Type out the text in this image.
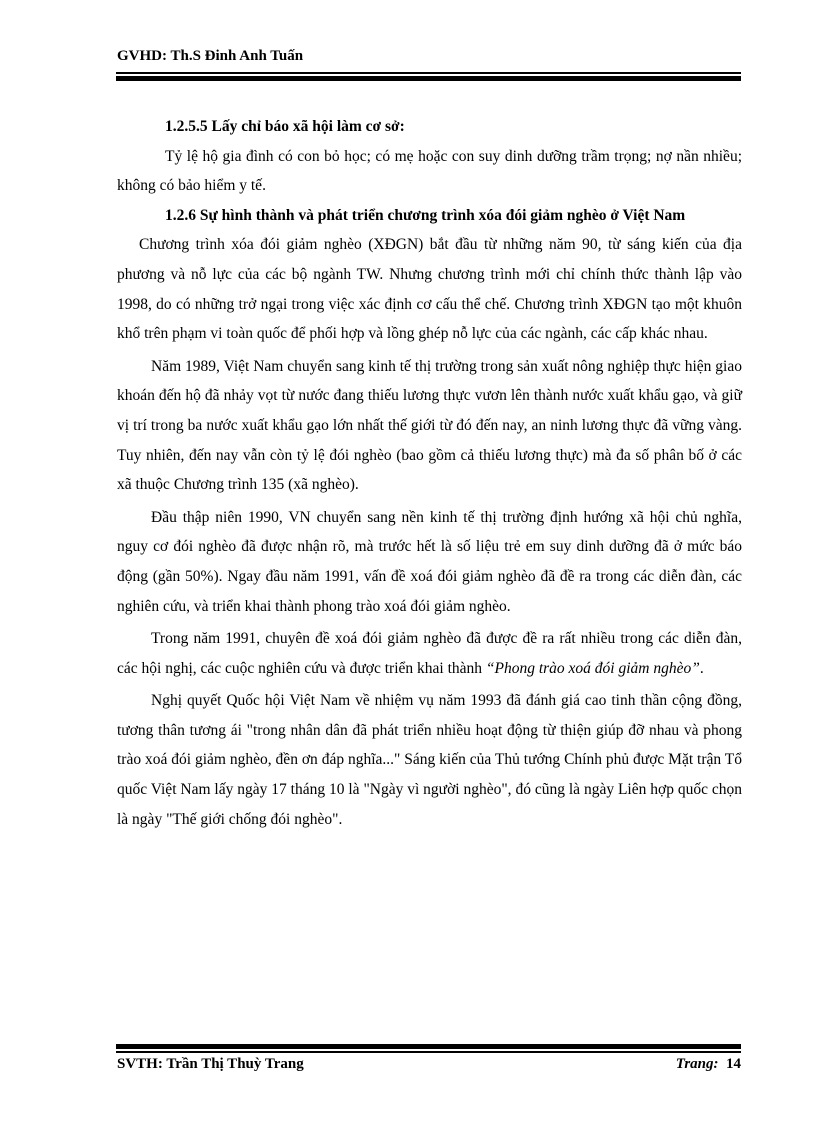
GVHD: Th.S Đinh Anh Tuấn

1.2.5.5 Lấy chỉ báo xã hội làm cơ sở:

Tỷ lệ hộ gia đình có con bỏ học; có mẹ hoặc con suy dinh dưỡng trầm trọng; nợ nần nhiều; không có bảo hiểm y tế.

1.2.6 Sự hình thành và phát triển chương trình xóa đói giảm nghèo ở Việt Nam

Chương trình xóa đói giảm nghèo (XĐGN) bắt đầu từ những năm 90, từ sáng kiến của địa phương và nỗ lực của các bộ ngành TW. Nhưng chương trình mới chỉ chính thức thành lập vào 1998, do có những trở ngại trong việc xác định cơ cấu thể chế. Chương trình XĐGN tạo một khuôn khổ trên phạm vi toàn quốc để phối hợp và lồng ghép nỗ lực của các ngành, các cấp khác nhau.

Năm 1989, Việt Nam chuyển sang kinh tế thị trường trong sản xuất nông nghiệp thực hiện giao khoán đến hộ đã nhảy vọt từ nước đang thiếu lương thực vươn lên thành nước xuất khẩu gạo, và giữ vị trí trong ba nước xuất khẩu gạo lớn nhất thế giới từ đó đến nay, an ninh lương thực đã vững vàng. Tuy nhiên, đến nay vẫn còn tỷ lệ đói nghèo (bao gồm cả thiếu lương thực) mà đa số phân bố ở các xã thuộc Chương trình 135 (xã nghèo).

Đầu thập niên 1990, VN chuyển sang nền kinh tế thị trường định hướng xã hội chủ nghĩa, nguy cơ đói nghèo đã được nhận rõ, mà trước hết là số liệu trẻ em suy dinh dưỡng đã ở mức báo động (gần 50%). Ngay đầu năm 1991, vấn đề xoá đói giảm nghèo đã đề ra trong các diễn đàn, các nghiên cứu, và triển khai thành phong trào xoá đói giảm nghèo.

Trong năm 1991, chuyên đề xoá đói giảm nghèo đã được đề ra rất nhiều trong các diễn đàn, các hội nghị, các cuộc nghiên cứu và được triển khai thành “Phong trào xoá đói giảm nghèo”.

Nghị quyết Quốc hội Việt Nam về nhiệm vụ năm 1993 đã đánh giá cao tinh thần cộng đồng, tương thân tương ái "trong nhân dân đã phát triển nhiều hoạt động từ thiện giúp đỡ nhau và phong trào xoá đói giảm nghèo, đền ơn đáp nghĩa..." Sáng kiến của Thủ tướng Chính phủ được Mặt trận Tổ quốc Việt Nam lấy ngày 17 tháng 10 là "Ngày vì người nghèo", đó cũng là ngày Liên hợp quốc chọn là ngày "Thế giới chống đói nghèo".

SVTH: Trần Thị Thuỳ Trang	Trang: 14
